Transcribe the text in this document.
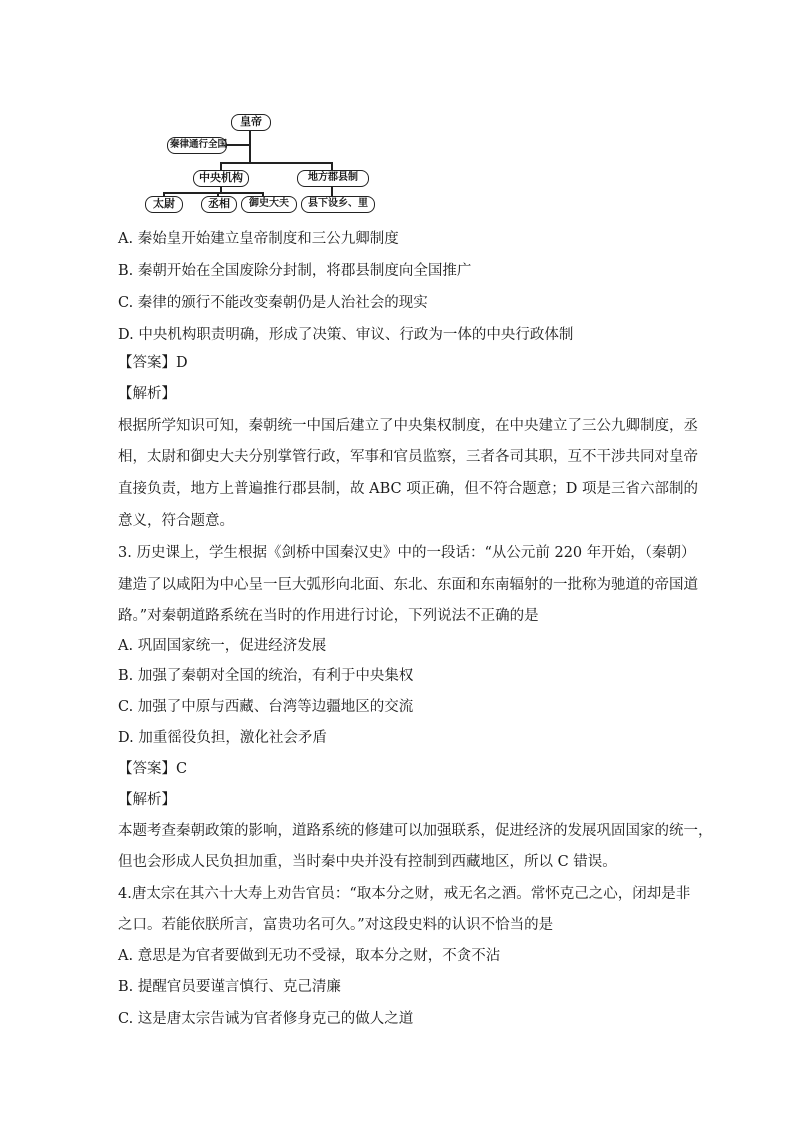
皇帝
秦律通行全国
中央机构	地方郡县制
太尉	丞相	御史大夫	县下设乡、里
A. 秦始皇开始建立皇帝制度和三公九卿制度
B. 秦朝开始在全国废除分封制，将郡县制度向全国推广
C. 秦律的颁行不能改变秦朝仍是人治社会的现实
D. 中央机构职责明确，形成了决策、审议、行政为一体的中央行政体制
【答案】D
【解析】
根据所学知识可知，秦朝统一中国后建立了中央集权制度，在中央建立了三公九卿制度，丞
相，太尉和御史大夫分别掌管行政，军事和官员监察，三者各司其职，互不干涉共同对皇帝
直接负责，地方上普遍推行郡县制，故 ABC 项正确，但不符合题意；D 项是三省六部制的
意义，符合题意。
3. 历史课上，学生根据《剑桥中国秦汉史》中的一段话：“从公元前 220 年开始，（秦朝）
建造了以咸阳为中心呈一巨大弧形向北面、东北、东面和东南辐射的一批称为驰道的帝国道
路。”对秦朝道路系统在当时的作用进行讨论，下列说法不正确的是
A. 巩固国家统一，促进经济发展
B. 加强了秦朝对全国的统治，有利于中央集权
C. 加强了中原与西藏、台湾等边疆地区的交流
D. 加重徭役负担，激化社会矛盾
【答案】C
【解析】
本题考查秦朝政策的影响，道路系统的修建可以加强联系，促进经济的发展巩固国家的统一，
但也会形成人民负担加重，当时秦中央并没有控制到西藏地区，所以 C 错误。
4.唐太宗在其六十大寿上劝告官员：“取本分之财，戒无名之酒。常怀克己之心，闭却是非
之口。若能依朕所言，富贵功名可久。”对这段史料的认识不恰当的是
A. 意思是为官者要做到无功不受禄，取本分之财，不贪不沾
B. 提醒官员要谨言慎行、克己清廉
C. 这是唐太宗告诫为官者修身克己的做人之道
